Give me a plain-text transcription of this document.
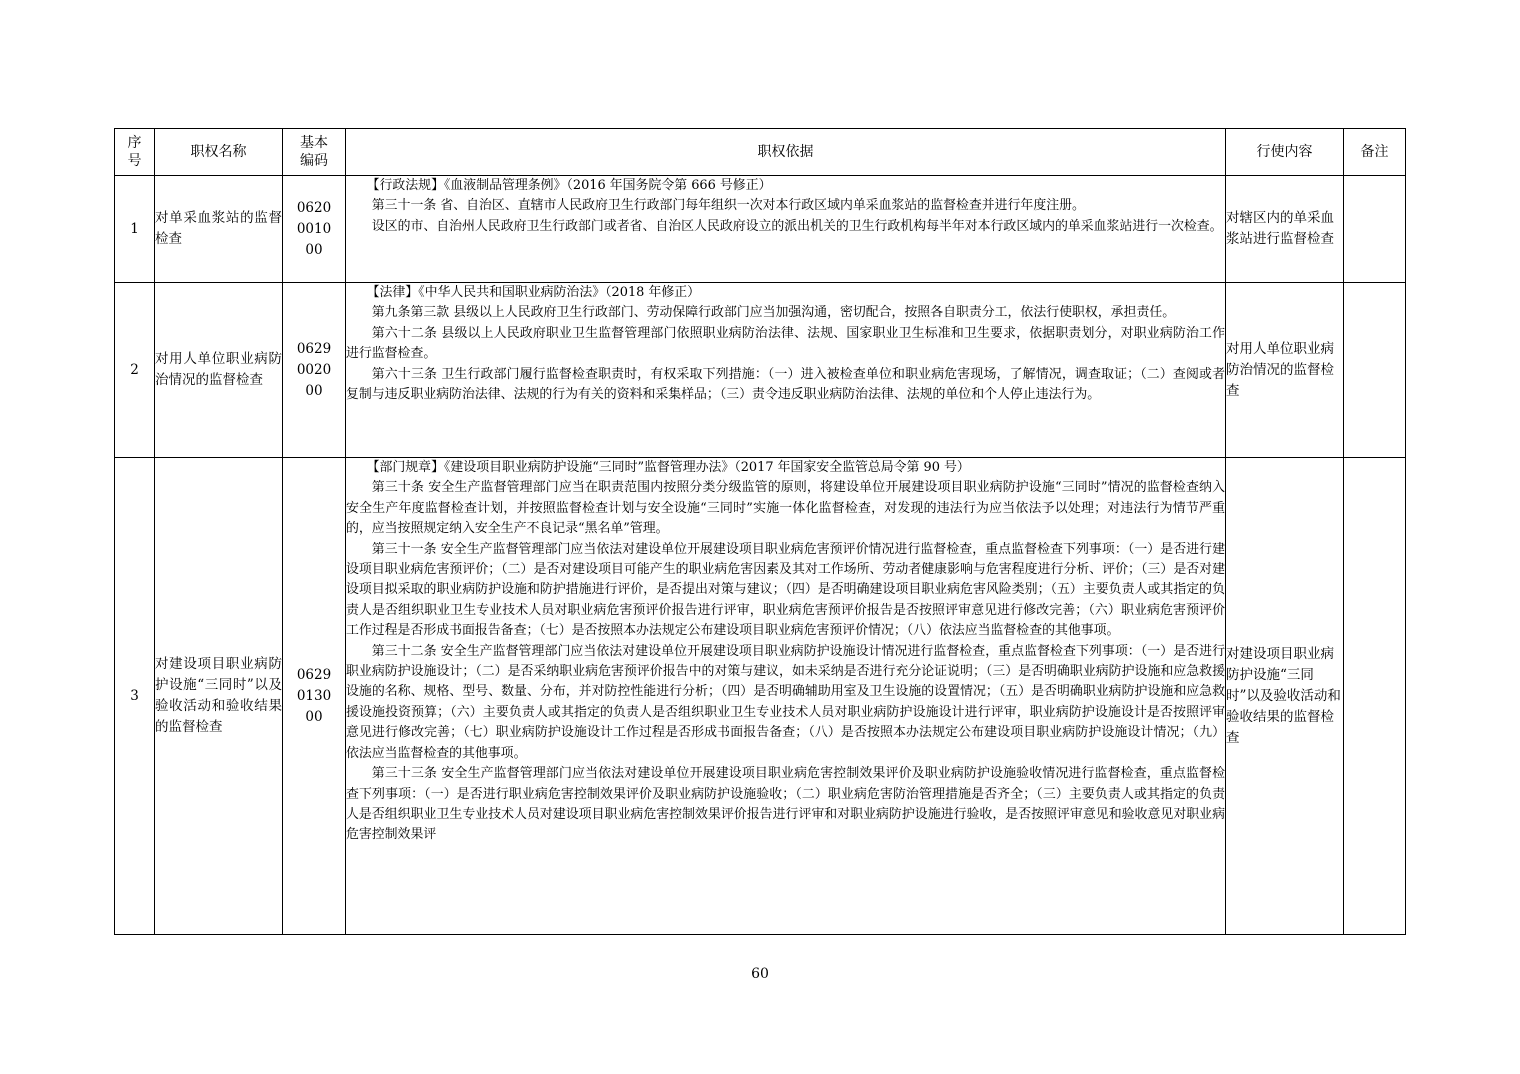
序号	职权名称	基本编码	职权依据	行使内容	备注
1	对单采血浆站的监督检查	0620001000	【行政法规】《血液制品管理条例》（2016 年国务院令第 666 号修正）

第三十一条 省、自治区、直辖市人民政府卫生行政部门每年组织一次对本行政区域内单采血浆站的监督检查并进行年度注册。

设区的市、自治州人民政府卫生行政部门或者省、自治区人民政府设立的派出机关的卫生行政机构每半年对本行政区域内的单采血浆站进行一次检查。	对辖区内的单采血浆站进行监督检查	
2	对用人单位职业病防治情况的监督检查	0629002000	【法律】《中华人民共和国职业病防治法》（2018 年修正）

第九条第三款 县级以上人民政府卫生行政部门、劳动保障行政部门应当加强沟通，密切配合，按照各自职责分工，依法行使职权，承担责任。

第六十二条 县级以上人民政府职业卫生监督管理部门依照职业病防治法律、法规、国家职业卫生标准和卫生要求，依据职责划分，对职业病防治工作进行监督检查。

第六十三条 卫生行政部门履行监督检查职责时，有权采取下列措施：（一）进入被检查单位和职业病危害现场，了解情况，调查取证；（二）查阅或者复制与违反职业病防治法律、法规的行为有关的资料和采集样品；（三）责令违反职业病防治法律、法规的单位和个人停止违法行为。	对用人单位职业病防治情况的监督检查	
3	对建设项目职业病防护设施“三同时”以及验收活动和验收结果的监督检查	0629013000	【部门规章】《建设项目职业病防护设施“三同时”监督管理办法》（2017 年国家安全监管总局令第 90 号）

第三十条 安全生产监督管理部门应当在职责范围内按照分类分级监管的原则，将建设单位开展建设项目职业病防护设施“三同时”情况的监督检查纳入安全生产年度监督检查计划，并按照监督检查计划与安全设施“三同时”实施一体化监督检查，对发现的违法行为应当依法予以处理；对违法行为情节严重的，应当按照规定纳入安全生产不良记录“黑名单”管理。

第三十一条 安全生产监督管理部门应当依法对建设单位开展建设项目职业病危害预评价情况进行监督检查，重点监督检查下列事项：（一）是否进行建设项目职业病危害预评价；（二）是否对建设项目可能产生的职业病危害因素及其对工作场所、劳动者健康影响与危害程度进行分析、评价；（三）是否对建设项目拟采取的职业病防护设施和防护措施进行评价，是否提出对策与建议；（四）是否明确建设项目职业病危害风险类别；（五）主要负责人或其指定的负责人是否组织职业卫生专业技术人员对职业病危害预评价报告进行评审，职业病危害预评价报告是否按照评审意见进行修改完善；（六）职业病危害预评价工作过程是否形成书面报告备查；（七）是否按照本办法规定公布建设项目职业病危害预评价情况；（八）依法应当监督检查的其他事项。

第三十二条 安全生产监督管理部门应当依法对建设单位开展建设项目职业病防护设施设计情况进行监督检查，重点监督检查下列事项：（一）是否进行职业病防护设施设计；（二）是否采纳职业病危害预评价报告中的对策与建议，如未采纳是否进行充分论证说明；（三）是否明确职业病防护设施和应急救援设施的名称、规格、型号、数量、分布，并对防控性能进行分析；（四）是否明确辅助用室及卫生设施的设置情况；（五）是否明确职业病防护设施和应急救援设施投资预算；（六）主要负责人或其指定的负责人是否组织职业卫生专业技术人员对职业病防护设施设计进行评审，职业病防护设施设计是否按照评审意见进行修改完善；（七）职业病防护设施设计工作过程是否形成书面报告备查；（八）是否按照本办法规定公布建设项目职业病防护设施设计情况；（九）依法应当监督检查的其他事项。

第三十三条 安全生产监督管理部门应当依法对建设单位开展建设项目职业病危害控制效果评价及职业病防护设施验收情况进行监督检查，重点监督检查下列事项：（一）是否进行职业病危害控制效果评价及职业病防护设施验收；（二）职业病危害防治管理措施是否齐全；（三）主要负责人或其指定的负责人是否组织职业卫生专业技术人员对建设项目职业病危害控制效果评价报告进行评审和对职业病防护设施进行验收，是否按照评审意见和验收意见对职业病危害控制效果评	对建设项目职业病防护设施“三同时”以及验收活动和验收结果的监督检查	
60
